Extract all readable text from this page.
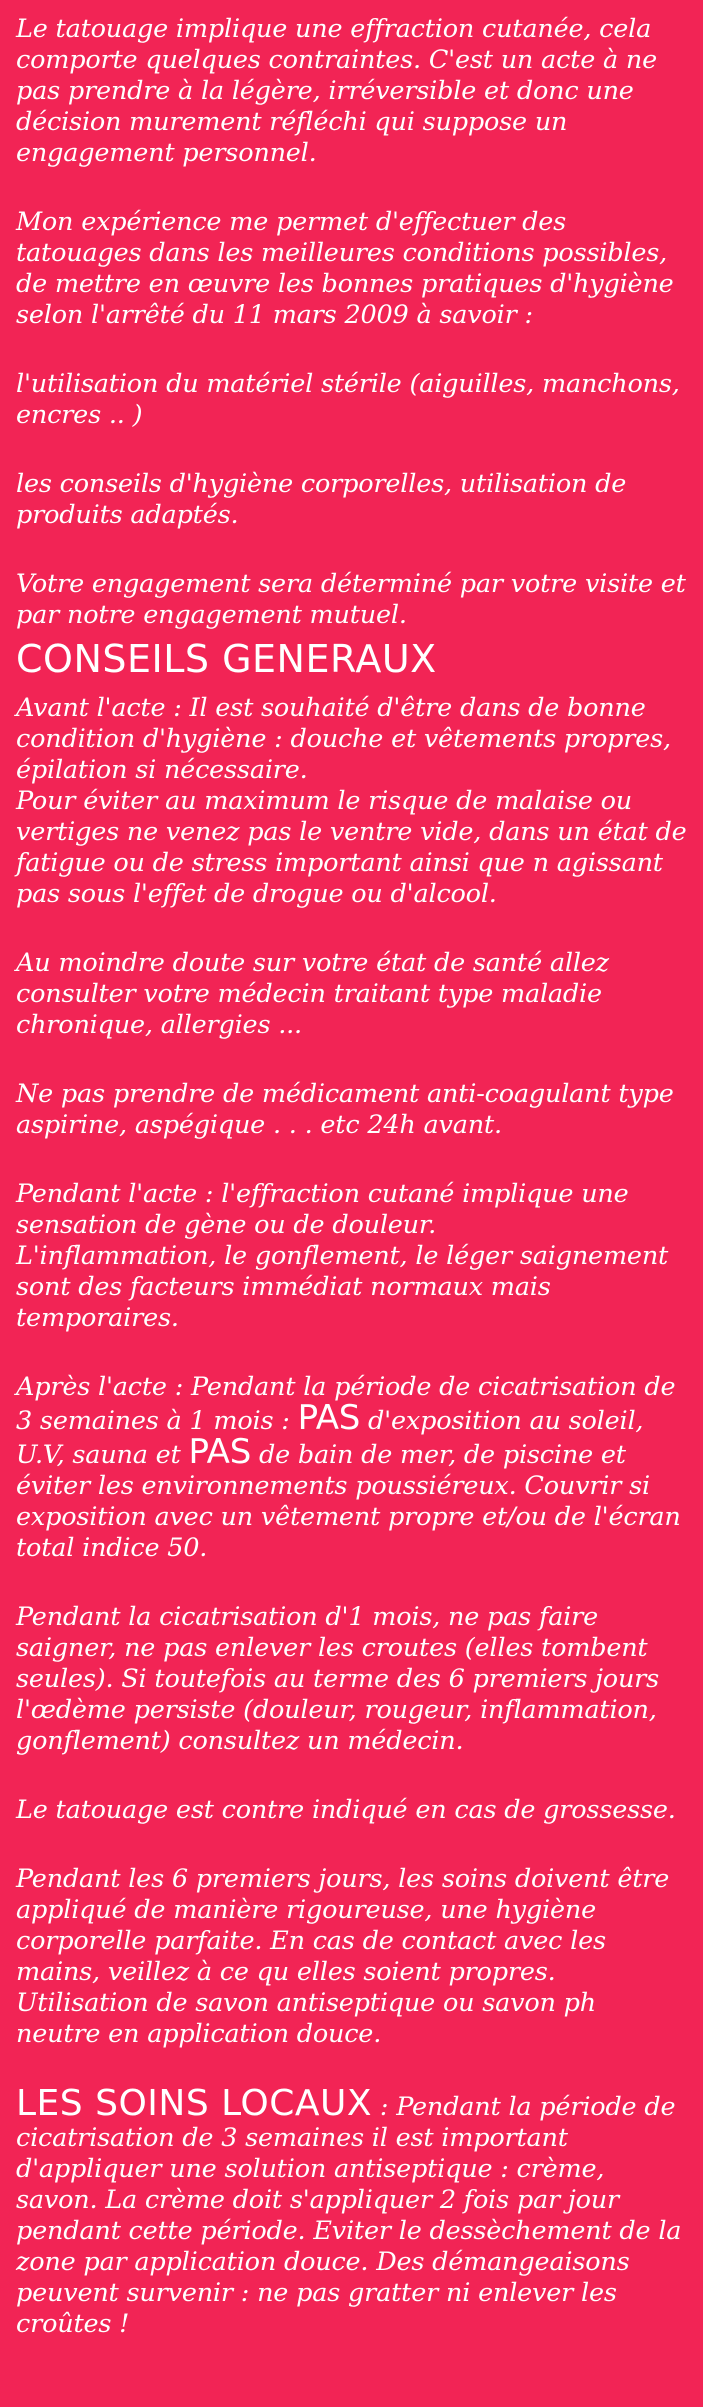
Le tatouage implique une effraction cutanée, cela comporte quelques contraintes. C'est un acte à ne pas prendre à la légère, irréversible et donc une décision murement réfléchi qui suppose un engagement personnel.

Mon expérience me permet d'effectuer des tatouages dans les meilleures conditions possibles, de mettre en œuvre les bonnes pratiques d'hygiène selon l'arrêté du 11 mars 2009 à savoir :

l'utilisation du matériel stérile (aiguilles, manchons, encres .. )

les conseils d'hygiène corporelles, utilisation de produits adaptés.

Votre engagement sera déterminé par votre visite et par notre engagement mutuel.

CONSEILS GENERAUX

Avant l'acte : Il est souhaité d'être dans de bonne condition d'hygiène : douche et vêtements propres, épilation si nécessaire.
Pour éviter au maximum le risque de malaise ou vertiges ne venez pas le ventre vide, dans un état de fatigue ou de stress important ainsi que n agissant pas sous l'effet de drogue ou d'alcool.

Au moindre doute sur votre état de santé allez consulter votre médecin traitant type maladie chronique, allergies ...

Ne pas prendre de médicament anti-coagulant type aspirine, aspégique . . . etc 24h avant.

Pendant l'acte : l'effraction cutané implique une sensation de gène ou de douleur.
L'inflammation, le gonflement, le léger saignement sont des facteurs immédiat normaux mais temporaires.

Après l'acte : Pendant la période de cicatrisation de 3 semaines à 1 mois : PAS d'exposition au soleil, U.V, sauna et PAS de bain de mer, de piscine et éviter les environnements poussiéreux. Couvrir si exposition avec un vêtement propre et/ou de l'écran total indice 50.

Pendant la cicatrisation d'1 mois, ne pas faire saigner, ne pas enlever les croutes (elles tombent seules). Si toutefois au terme des 6 premiers jours l'œdème persiste (douleur, rougeur, inflammation, gonflement) consultez un médecin.

Le tatouage est contre indiqué en cas de grossesse.

Pendant les 6 premiers jours, les soins doivent être appliqué de manière rigoureuse, une hygiène corporelle parfaite. En cas de contact avec les mains, veillez à ce qu elles soient propres. Utilisation de savon antiseptique ou savon ph neutre en application douce.

LES SOINS LOCAUX : Pendant la période de cicatrisation de 3 semaines il est important d'appliquer une solution antiseptique : crème, savon. La crème doit s'appliquer 2 fois par jour pendant cette période. Eviter le dessèchement de la zone par application douce. Des démangeaisons peuvent survenir : ne pas gratter ni enlever les croûtes !
